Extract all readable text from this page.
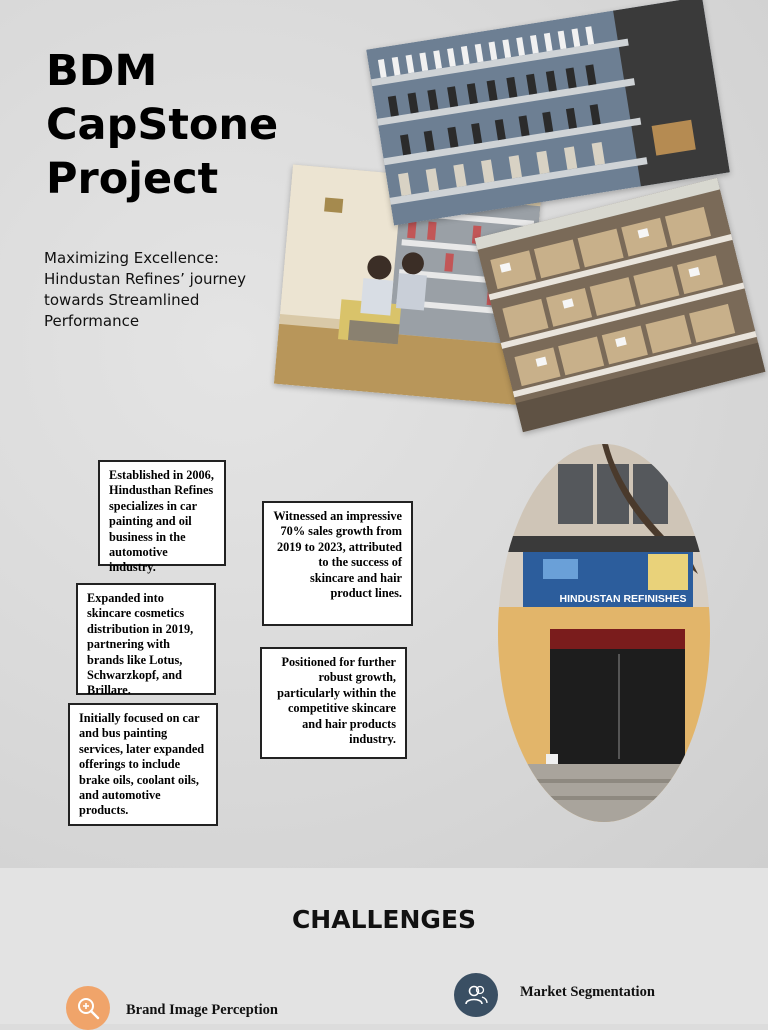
BDM
CapStone
Project

Maximizing Excellence:
Hindustan Refines’ journey
towards Streamlined
Performance

HINDUSTAN REFINISHES
Established in 2006, Hindusthan Refines specializes in car painting and oil business in the automotive industry.
Witnessed an impressive 70% sales growth from 2019 to 2023, attributed to the success of skincare and hair product lines.
Expanded into skincare cosmetics distribution in 2019, partnering with brands like Lotus, Schwarzkopf, and Brillare.
Positioned for further robust growth, particularly within the competitive skincare and hair products industry.
Initially focused on car and bus painting services, later expanded offerings to include brake oils, coolant oils, and automotive products.
CHALLENGES
Brand Image Perception
Market Segmentation
